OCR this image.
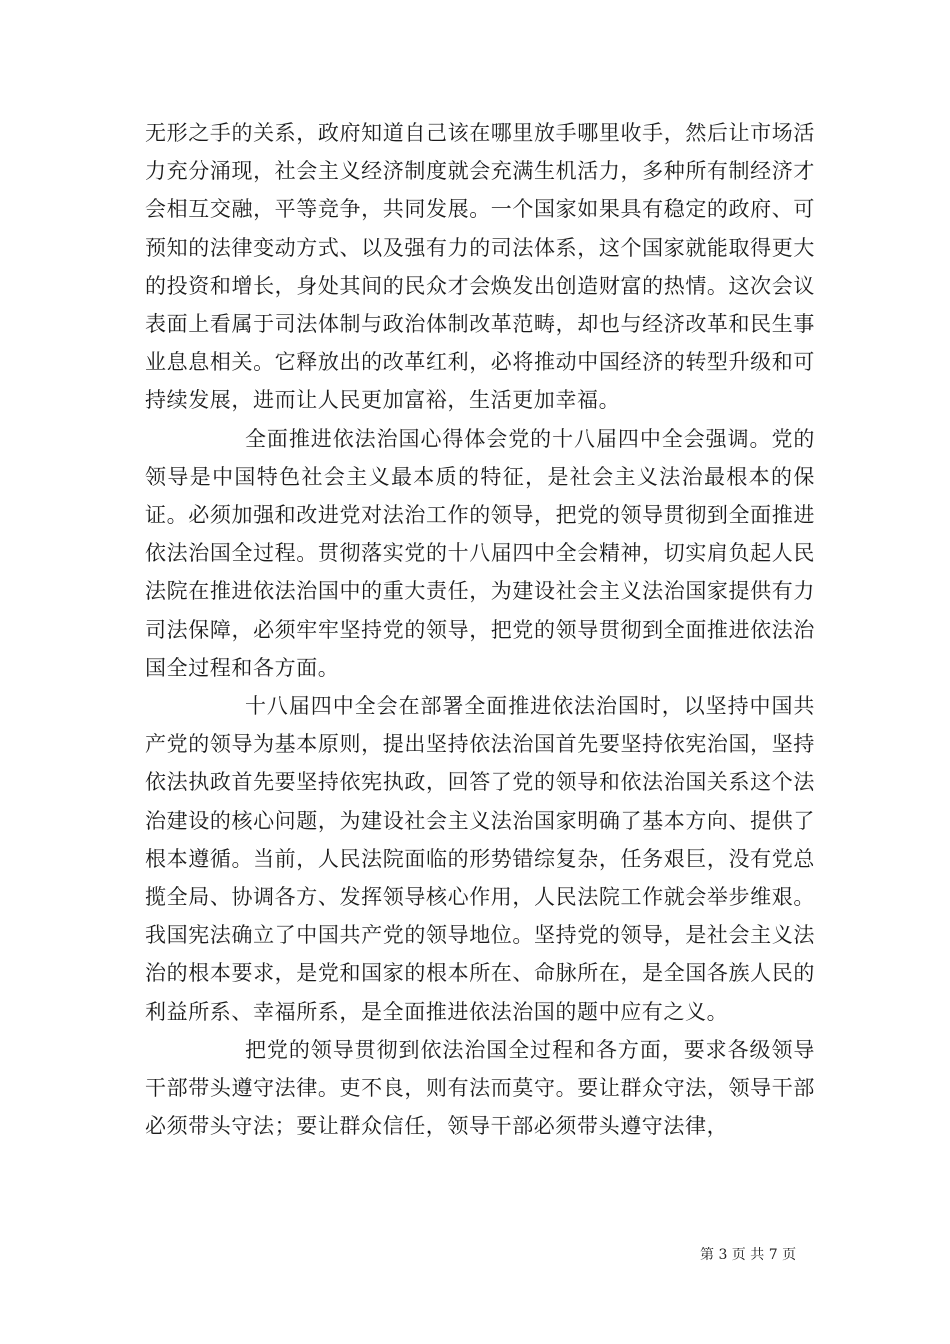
无形之手的关系，政府知道自己该在哪里放手哪里收手，然后让市场活力充分涌现，社会主义经济制度就会充满生机活力，多种所有制经济才会相互交融，平等竞争，共同发展。一个国家如果具有稳定的政府、可预知的法律变动方式、以及强有力的司法体系，这个国家就能取得更大的投资和增长，身处其间的民众才会焕发出创造财富的热情。这次会议表面上看属于司法体制与政治体制改革范畴，却也与经济改革和民生事业息息相关。它释放出的改革红利，必将推动中国经济的转型升级和可持续发展，进而让人民更加富裕，生活更加幸福。

全面推进依法治国心得体会党的十八届四中全会强调。党的领导是中国特色社会主义最本质的特征，是社会主义法治最根本的保证。必须加强和改进党对法治工作的领导，把党的领导贯彻到全面推进依法治国全过程。贯彻落实党的十八届四中全会精神，切实肩负起人民法院在推进依法治国中的重大责任，为建设社会主义法治国家提供有力司法保障，必须牢牢坚持党的领导，把党的领导贯彻到全面推进依法治国全过程和各方面。

十八届四中全会在部署全面推进依法治国时，以坚持中国共产党的领导为基本原则，提出坚持依法治国首先要坚持依宪治国，坚持依法执政首先要坚持依宪执政，回答了党的领导和依法治国关系这个法治建设的核心问题，为建设社会主义法治国家明确了基本方向、提供了根本遵循。当前，人民法院面临的形势错综复杂，任务艰巨，没有党总揽全局、协调各方、发挥领导核心作用，人民法院工作就会举步维艰。我国宪法确立了中国共产党的领导地位。坚持党的领导，是社会主义法治的根本要求，是党和国家的根本所在、命脉所在，是全国各族人民的利益所系、幸福所系，是全面推进依法治国的题中应有之义。

把党的领导贯彻到依法治国全过程和各方面，要求各级领导干部带头遵守法律。吏不良，则有法而莫守。要让群众守法，领导干部必须带头守法；要让群众信任，领导干部必须带头遵守法律，

第 3 页 共 7 页
